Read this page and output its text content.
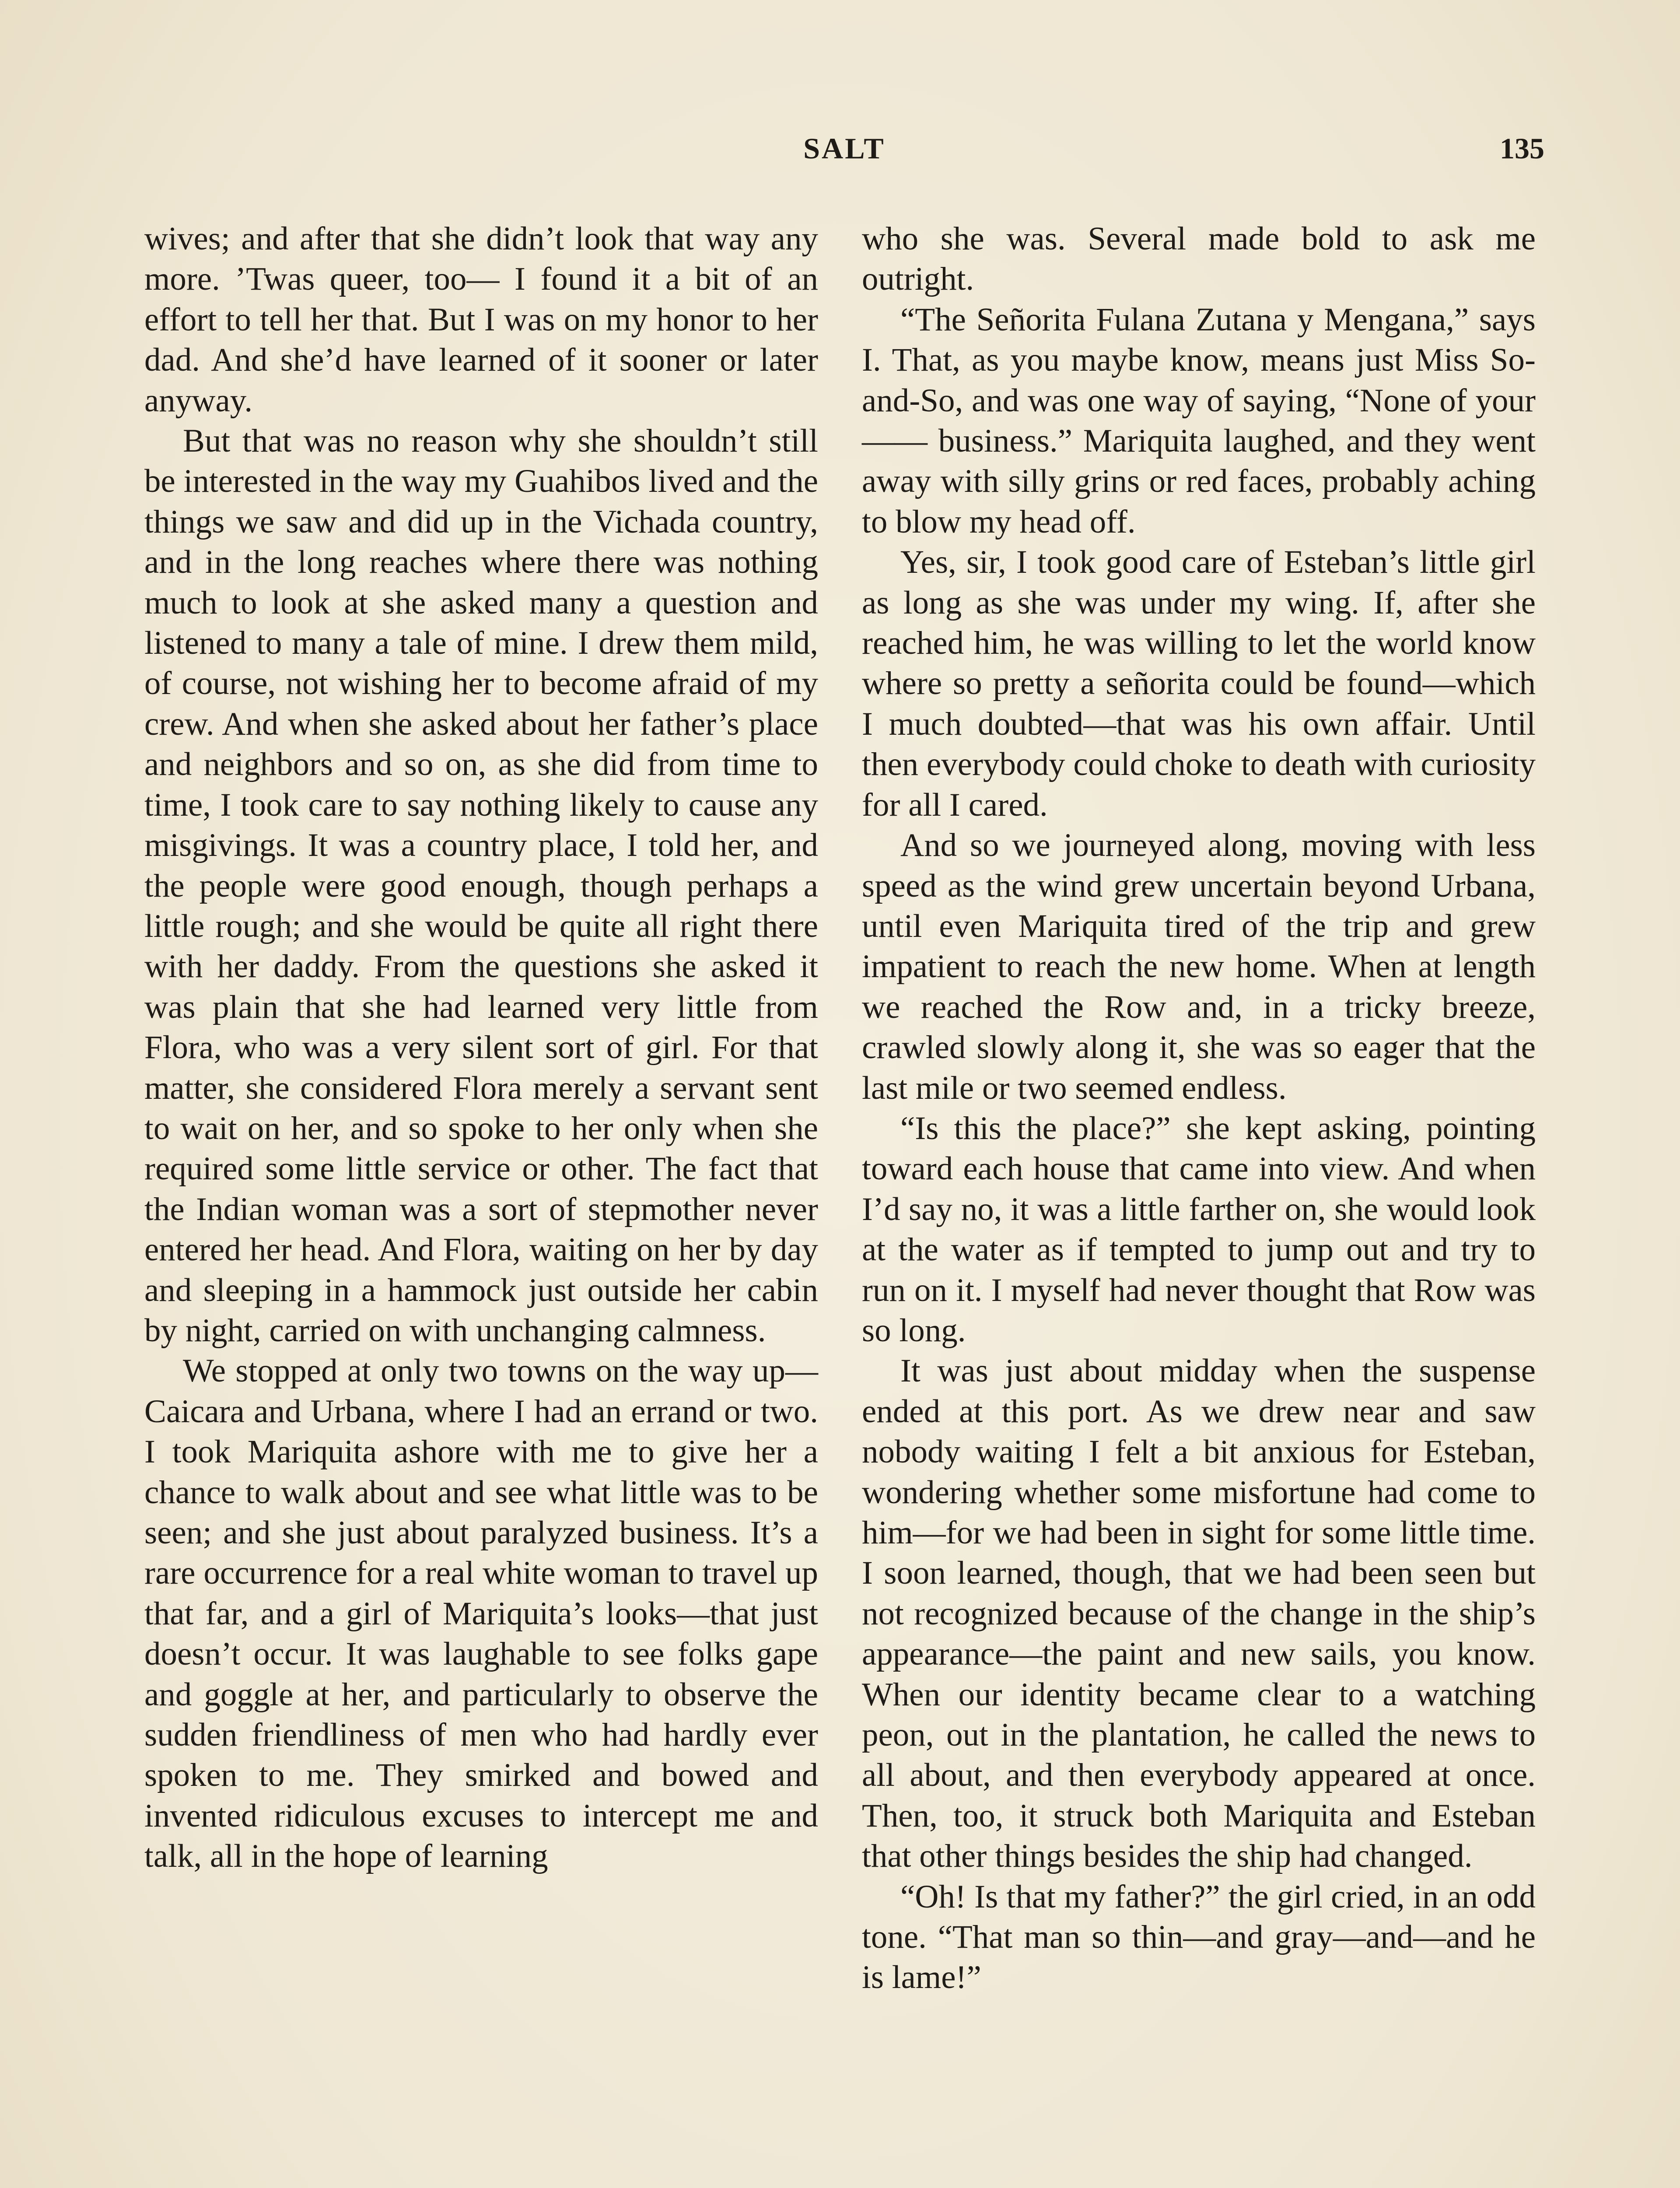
SALT	135

wives; and after that she didn’t look that way any more. ’Twas queer, too— I found it a bit of an effort to tell her that. But I was on my honor to her dad. And she’d have learned of it sooner or later anyway.

But that was no reason why she shouldn’t still be interested in the way my Guahibos lived and the things we saw and did up in the Vichada country, and in the long reaches where there was nothing much to look at she asked many a question and listened to many a tale of mine. I drew them mild, of course, not wishing her to become afraid of my crew. And when she asked about her father’s place and neighbors and so on, as she did from time to time, I took care to say nothing likely to cause any misgivings. It was a country place, I told her, and the people were good enough, though perhaps a little rough; and she would be quite all right there with her daddy. From the questions she asked it was plain that she had learned very little from Flora, who was a very silent sort of girl. For that matter, she considered Flora merely a servant sent to wait on her, and so spoke to her only when she required some little service or other. The fact that the Indian woman was a sort of stepmother never entered her head. And Flora, waiting on her by day and sleeping in a hammock just outside her cabin by night, carried on with unchanging calmness.

We stopped at only two towns on the way up—Caicara and Urbana, where I had an errand or two. I took Mariquita ashore with me to give her a chance to walk about and see what little was to be seen; and she just about paralyzed business. It’s a rare occurrence for a real white woman to travel up that far, and a girl of Mariquita’s looks—that just doesn’t occur. It was laughable to see folks gape and goggle at her, and particularly to observe the sudden friendliness of men who had hardly ever spoken to me. They smirked and bowed and invented ridiculous excuses to intercept me and talk, all in the hope of learning

who she was. Several made bold to ask me outright.

“The Señorita Fulana Zutana y Mengana,” says I. That, as you maybe know, means just Miss So-and-So, and was one way of saying, “None of your —— business.” Mariquita laughed, and they went away with silly grins or red faces, probably aching to blow my head off.

Yes, sir, I took good care of Esteban’s little girl as long as she was under my wing. If, after she reached him, he was willing to let the world know where so pretty a señorita could be found—which I much doubted—that was his own affair. Until then everybody could choke to death with curiosity for all I cared.

And so we journeyed along, moving with less speed as the wind grew uncertain beyond Urbana, until even Mariquita tired of the trip and grew impatient to reach the new home. When at length we reached the Row and, in a tricky breeze, crawled slowly along it, she was so eager that the last mile or two seemed endless.

“Is this the place?” she kept asking, pointing toward each house that came into view. And when I’d say no, it was a little farther on, she would look at the water as if tempted to jump out and try to run on it. I myself had never thought that Row was so long.

It was just about midday when the suspense ended at this port. As we drew near and saw nobody waiting I felt a bit anxious for Esteban, wondering whether some misfortune had come to him—for we had been in sight for some little time. I soon learned, though, that we had been seen but not recognized because of the change in the ship’s appearance—the paint and new sails, you know. When our identity became clear to a watching peon, out in the plantation, he called the news to all about, and then everybody appeared at once. Then, too, it struck both Mariquita and Esteban that other things besides the ship had changed.

“Oh! Is that my father?” the girl cried, in an odd tone. “That man so thin—and gray—and—and he is lame!”
